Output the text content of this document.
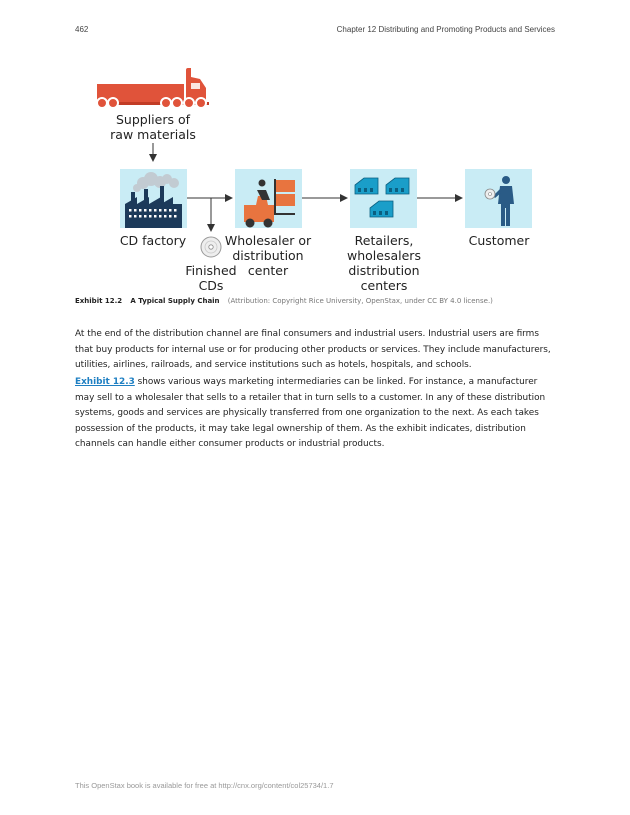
462	Chapter 12 Distributing and Promoting Products and Services
Suppliers of
raw materials
CD factory	Wholesaler or
distribution
center
Retailers,
wholesalers
distribution
centers
Customer
Finished
CDs
Exhibit 12.2 A Typical Supply Chain (Attribution: Copyright Rice University, OpenStax, under CC BY 4.0 license.)

At the end of the distribution channel are final consumers and industrial users. Industrial users are firms that buy products for internal use or for producing other products or services. They include manufacturers, utilities, airlines, railroads, and service institutions such as hotels, hospitals, and schools.

Exhibit 12.3 shows various ways marketing intermediaries can be linked. For instance, a manufacturer may sell to a wholesaler that sells to a retailer that in turn sells to a customer. In any of these distribution systems, goods and services are physically transferred from one organization to the next. As each takes possession of the products, it may take legal ownership of them. As the exhibit indicates, distribution channels can handle either consumer products or industrial products.

This OpenStax book is available for free at http://cnx.org/content/col25734/1.7
